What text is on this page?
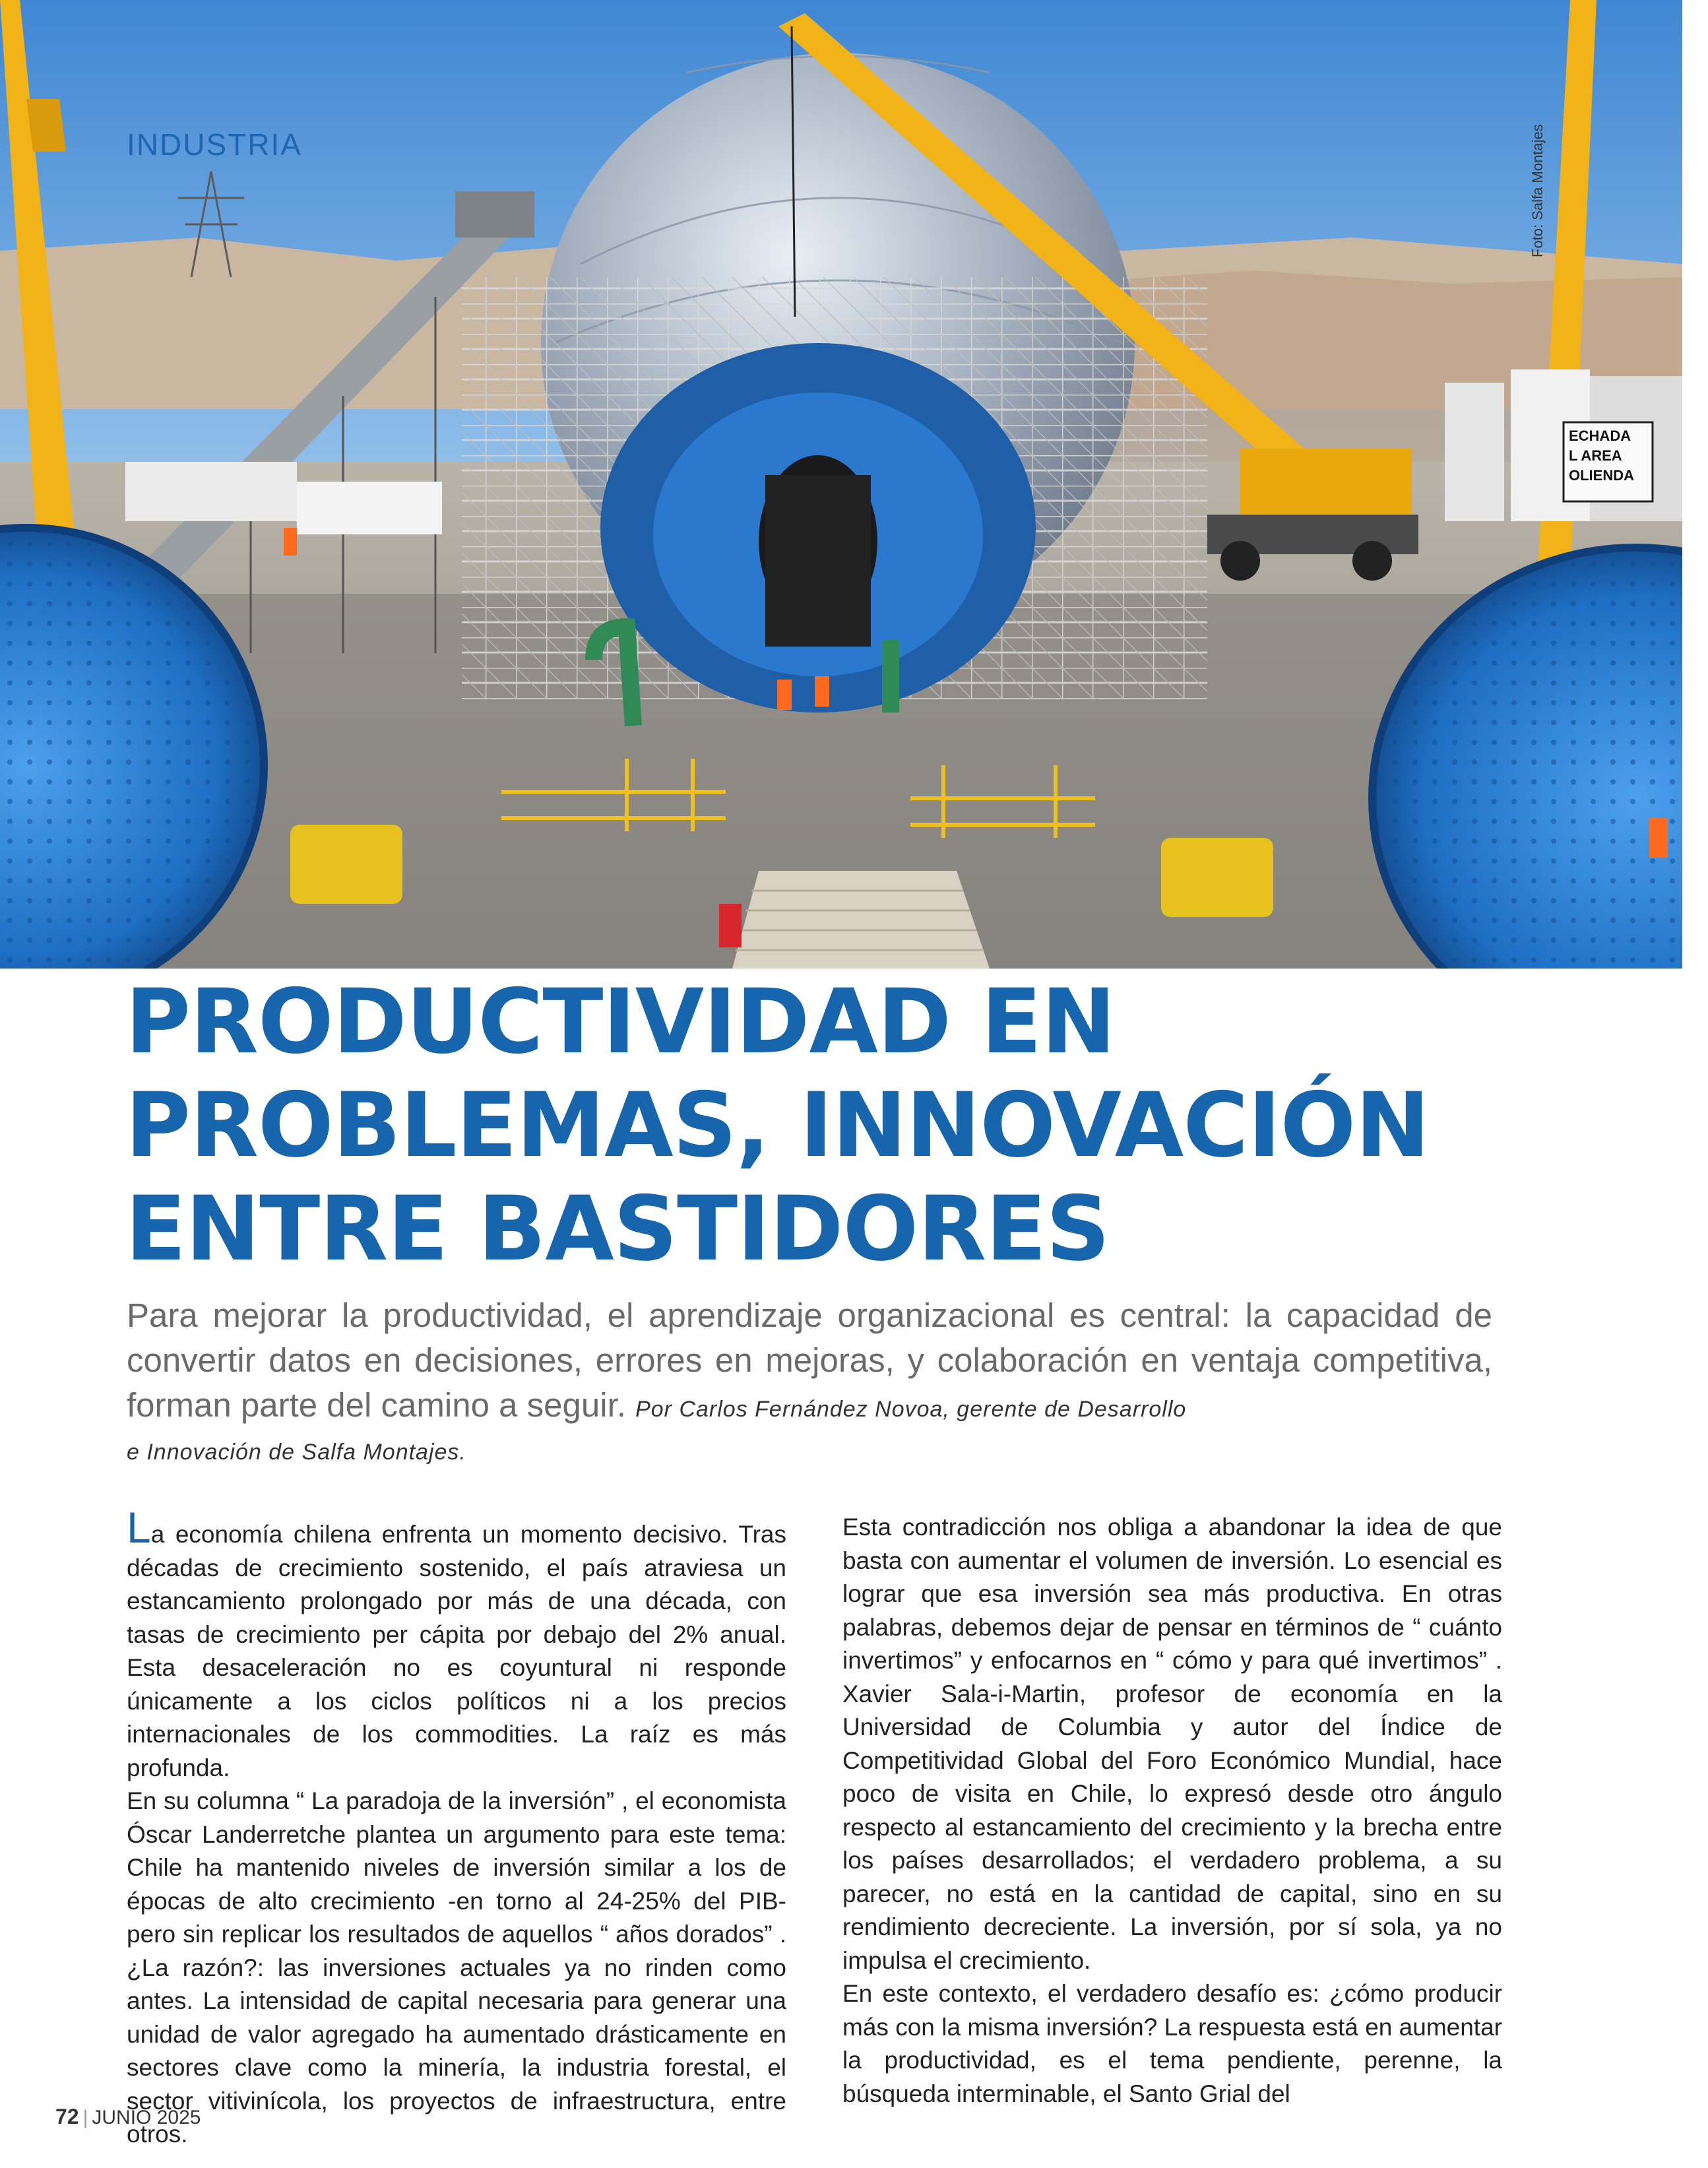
ECHADA
L AREA
OLIENDA
INDUSTRIA	Foto: Salfa Montajes
PRODUCTIVIDAD EN
PROBLEMAS, INNOVACIÓN
ENTRE BASTIDORES
Para mejorar la productividad, el aprendizaje organizacional es central: la capacidad de convertir datos en decisiones, errores en mejoras, y colaboración en ventaja competitiva, forman parte del camino a seguir. Por Carlos Fernández Novoa, gerente de Desarrollo
e Innovación de Salfa Montajes.

La economía chilena enfrenta un momento decisivo. Tras décadas de crecimiento sostenido, el país atraviesa un estancamiento prolongado por más de una década, con tasas de crecimiento per cápita por debajo del 2% anual. Esta desaceleración no es coyuntural ni responde únicamente a los ciclos políticos ni a los precios internacionales de los commodities. La raíz es más profunda.

En su columna “ La paradoja de la inversión” , el economista Óscar Landerretche plantea un argumento para este tema: Chile ha mantenido niveles de inversión similar a los de épocas de alto crecimiento -en torno al 24-25% del PIB- pero sin replicar los resultados de aquellos “ años dorados” . ¿La razón?: las inversiones actuales ya no rinden como antes. La intensidad de capital necesaria para generar una unidad de valor agregado ha aumentado drásticamente en sectores clave como la minería, la industria forestal, el sector vitivinícola, los proyectos de infraestructura, entre otros.

Esta contradicción nos obliga a abandonar la idea de que basta con aumentar el volumen de inversión. Lo esencial es lograr que esa inversión sea más productiva. En otras palabras, debemos dejar de pensar en términos de “ cuánto invertimos” y enfocarnos en “ cómo y para qué invertimos” . Xavier Sala-i-Martin, profesor de economía en la Universidad de Columbia y autor del Índice de Competitividad Global del Foro Económico Mundial, hace poco de visita en Chile, lo expresó desde otro ángulo respecto al estancamiento del crecimiento y la brecha entre los países desarrollados; el verdadero problema, a su parecer, no está en la cantidad de capital, sino en su rendimiento decreciente. La inversión, por sí sola, ya no impulsa el crecimiento.

En este contexto, el verdadero desafío es: ¿cómo producir más con la misma inversión? La respuesta está en aumentar la productividad, es el tema pendiente, perenne, la búsqueda interminable, el Santo Grial del

72 | JUNIO 2025
